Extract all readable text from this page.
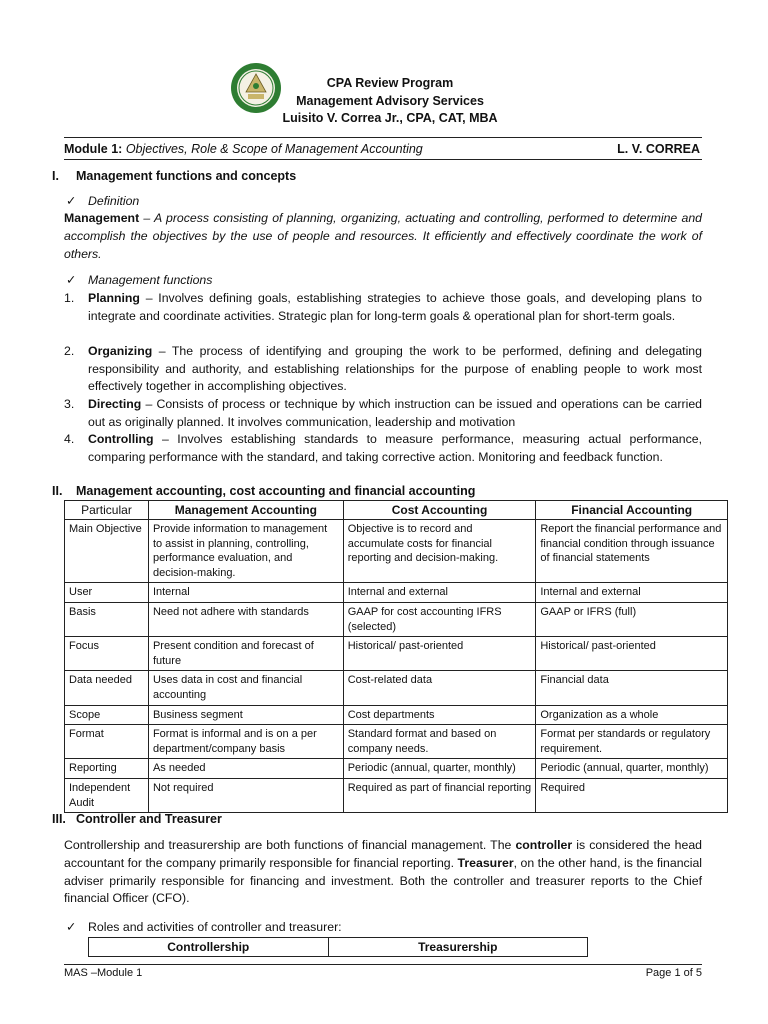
CPA Review Program
Management Advisory Services
Luisito V. Correa Jr., CPA, CAT, MBA
Module 1: Objectives, Role & Scope of Management Accounting	L. V. CORREA
I. Management functions and concepts
✓ Definition
Management – A process consisting of planning, organizing, actuating and controlling, performed to determine and accomplish the objectives by the use of people and resources. It efficiently and effectively coordinate the work of others.
✓ Management functions
1. Planning – Involves defining goals, establishing strategies to achieve those goals, and developing plans to integrate and coordinate activities. Strategic plan for long-term goals & operational plan for short-term goals.
2. Organizing – The process of identifying and grouping the work to be performed, defining and delegating responsibility and authority, and establishing relationships for the purpose of enabling people to work most effectively together in accomplishing objectives.
3. Directing – Consists of process or technique by which instruction can be issued and operations can be carried out as originally planned. It involves communication, leadership and motivation
4. Controlling – Involves establishing standards to measure performance, measuring actual performance, comparing performance with the standard, and taking corrective action. Monitoring and feedback function.
II. Management accounting, cost accounting and financial accounting
Particular	Management Accounting	Cost Accounting	Financial Accounting
Main Objective	Provide information to management to assist in planning, controlling, performance evaluation, and decision-making.	Objective is to record and accumulate costs for financial reporting and decision-making.	Report the financial performance and financial condition through issuance of financial statements
User	Internal	Internal and external	Internal and external
Basis	Need not adhere with standards	GAAP for cost accounting IFRS (selected)	GAAP or IFRS (full)
Focus	Present condition and forecast of future	Historical/ past-oriented	Historical/ past-oriented
Data needed	Uses data in cost and financial accounting	Cost-related data	Financial data
Scope	Business segment	Cost departments	Organization as a whole
Format	Format is informal and is on a per department/company basis	Standard format and based on company needs.	Format per standards or regulatory requirement.
Reporting	As needed	Periodic (annual, quarter, monthly)	Periodic (annual, quarter, monthly)
Independent Audit	Not required	Required as part of financial reporting	Required
III. Controller and Treasurer
Controllership and treasurership are both functions of financial management. The controller is considered the head accountant for the company primarily responsible for financial reporting. Treasurer, on the other hand, is the financial adviser primarily responsible for financing and investment. Both the controller and treasurer reports to the Chief financial Officer (CFO).
✓ Roles and activities of controller and treasurer:
Controllership	Treasurership
MAS –Module 1	Page 1 of 5
